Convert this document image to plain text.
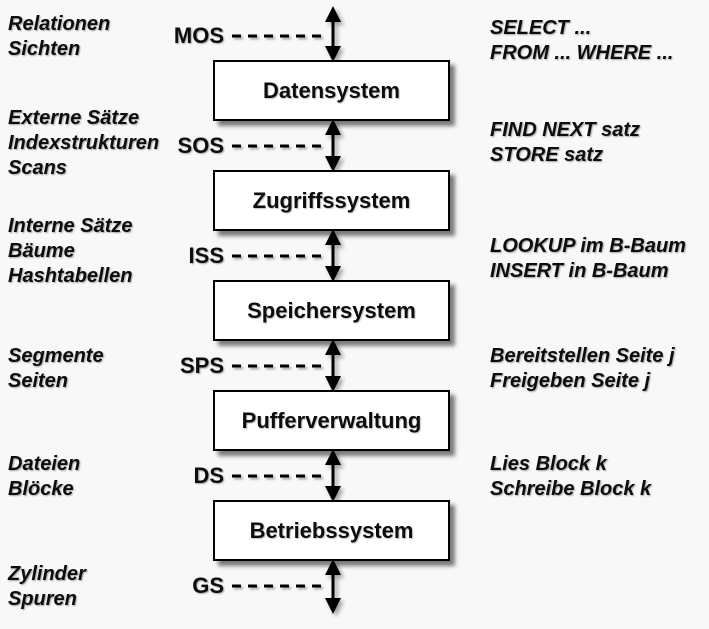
Relationen
Sichten
Externe Sätze
Indexstrukturen
Scans
Interne Sätze
Bäume
Hashtabellen
Segmente
Seiten
Dateien
Blöcke
Zylinder
Spuren
SELECT ...
FROM ... WHERE ...
FIND NEXT satz
STORE satz
LOOKUP im B-Baum
INSERT in B-Baum
Bereitstellen Seite j
Freigeben Seite j
Lies Block k
Schreibe Block k
MOS
SOS
ISS
SPS
DS
GS
Datensystem
Zugriffssystem
Speichersystem
Pufferverwaltung
Betriebssystem
